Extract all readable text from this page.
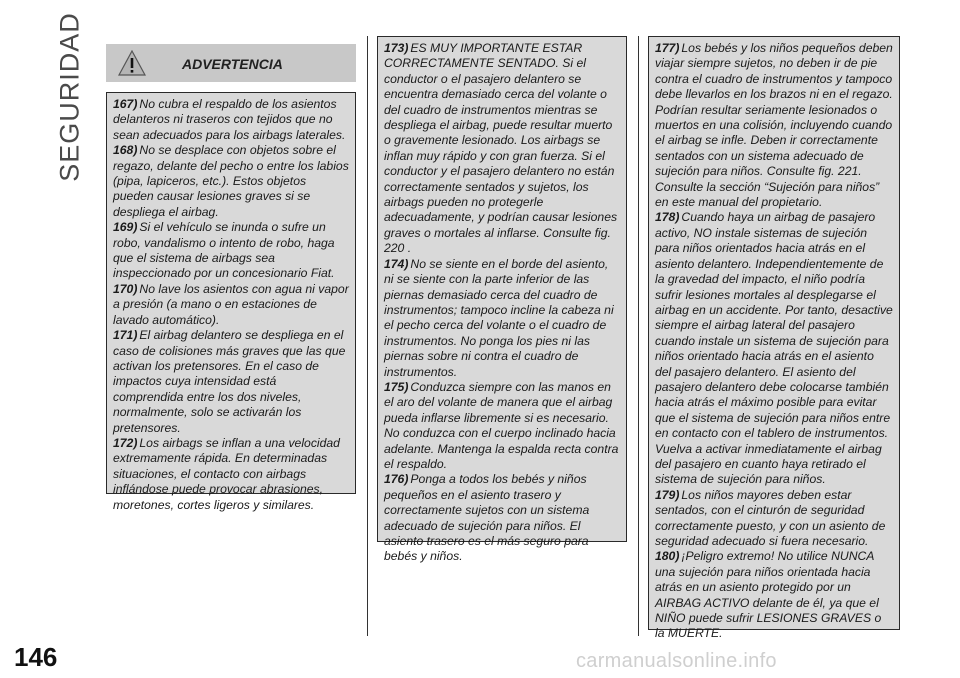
SEGURIDAD	ADVERTENCIA

167) No cubra el respaldo de los asientos delanteros ni traseros con tejidos que no sean adecuados para los airbags laterales.

168) No se desplace con objetos sobre el regazo, delante del pecho o entre los labios (pipa, lapiceros, etc.). Estos objetos pueden causar lesiones graves si se despliega el airbag.

169) Si el vehículo se inunda o sufre un robo, vandalismo o intento de robo, haga que el sistema de airbags sea inspeccionado por un concesionario Fiat.

170) No lave los asientos con agua ni vapor a presión (a mano o en estaciones de lavado automático).

171) El airbag delantero se despliega en el caso de colisiones más graves que las que activan los pretensores. En el caso de impactos cuya intensidad está comprendida entre los dos niveles, normalmente, solo se activarán los pretensores.

172) Los airbags se inflan a una velocidad extremamente rápida. En determinadas situaciones, el contacto con airbags inflándose puede provocar abrasiones, moretones, cortes ligeros y similares.

173) ES MUY IMPORTANTE ESTAR CORRECTAMENTE SENTADO. Si el conductor o el pasajero delantero se encuentra demasiado cerca del volante o del cuadro de instrumentos mientras se despliega el airbag, puede resultar muerto o gravemente lesionado. Los airbags se inflan muy rápido y con gran fuerza. Si el conductor y el pasajero delantero no están correctamente sentados y sujetos, los airbags pueden no protegerle adecuadamente, y podrían causar lesiones graves o mortales al inflarse. Consulte fig. 220 .

174) No se siente en el borde del asiento, ni se siente con la parte inferior de las piernas demasiado cerca del cuadro de instrumentos; tampoco incline la cabeza ni el pecho cerca del volante o el cuadro de instrumentos. No ponga los pies ni las piernas sobre ni contra el cuadro de instrumentos.

175) Conduzca siempre con las manos en el aro del volante de manera que el airbag pueda inflarse libremente si es necesario. No conduzca con el cuerpo inclinado hacia adelante. Mantenga la espalda recta contra el respaldo.

176) Ponga a todos los bebés y niños pequeños en el asiento trasero y correctamente sujetos con un sistema adecuado de sujeción para niños. El asiento trasero es el más seguro para bebés y niños.

177) Los bebés y los niños pequeños deben viajar siempre sujetos, no deben ir de pie contra el cuadro de instrumentos y tampoco debe llevarlos en los brazos ni en el regazo. Podrían resultar seriamente lesionados o muertos en una colisión, incluyendo cuando el airbag se infle. Deben ir correctamente sentados con un sistema adecuado de sujeción para niños. Consulte fig. 221. Consulte la sección “Sujeción para niños” en este manual del propietario.

178) Cuando haya un airbag de pasajero activo, NO instale sistemas de sujeción para niños orientados hacia atrás en el asiento delantero. Independientemente de la gravedad del impacto, el niño podría sufrir lesiones mortales al desplegarse el airbag en un accidente. Por tanto, desactive siempre el airbag lateral del pasajero cuando instale un sistema de sujeción para niños orientado hacia atrás en el asiento del pasajero delantero. El asiento del pasajero delantero debe colocarse también hacia atrás el máximo posible para evitar que el sistema de sujeción para niños entre en contacto con el tablero de instrumentos. Vuelva a activar inmediatamente el airbag del pasajero en cuanto haya retirado el sistema de sujeción para niños.

179) Los niños mayores deben estar sentados, con el cinturón de seguridad correctamente puesto, y con un asiento de seguridad adecuado si fuera necesario.

180) ¡Peligro extremo! No utilice NUNCA una sujeción para niños orientada hacia atrás en un asiento protegido por un AIRBAG ACTIVO delante de él, ya que el NIÑO puede sufrir LESIONES GRAVES o la MUERTE.

146	carmanualsonline.info
